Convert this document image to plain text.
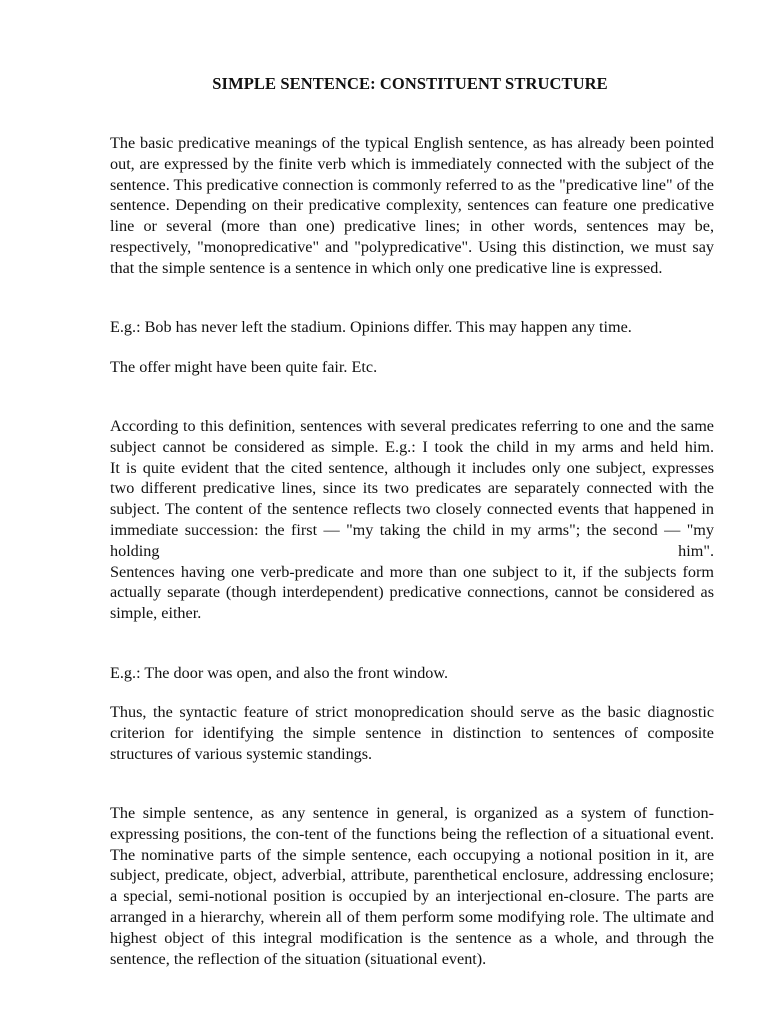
SIMPLE SENTENCE: CONSTITUENT STRUCTURE
The basic predicative meanings of the typical English sentence, as has already been pointed out, are expressed by the finite verb which is immediately connected with the subject of the sentence. This predicative connection is commonly referred to as the "predicative line" of the sentence. Depending on their predicative complexity, sentences can feature one predicative line or several (more than one) predicative lines; in other words, sentences may be, respectively, "monopredicative" and "polypredicative". Using this distinction, we must say that the simple sentence is a sentence in which only one predicative line is expressed.
E.g.: Bob has never left the stadium. Opinions differ. This may happen any time.
The offer might have been quite fair. Etc.
According to this definition, sentences with several predicates referring to one and the same subject cannot be considered as simple. E.g.: I took the child in my arms and held him.
It is quite evident that the cited sentence, although it includes only one subject, expresses two different predicative lines, since its two predicates are separately connected with the subject. The content of the sentence reflects two closely connected events that happened in immediate succession: the first — "my taking the child in my arms"; the second — "my holding him".
Sentences having one verb-predicate and more than one subject to it, if the subjects form actually separate (though interdependent) predicative connections, cannot be considered as simple, either.
E.g.: The door was open, and also the front window.
Thus, the syntactic feature of strict monopredication should serve as the basic diagnostic criterion for identifying the simple sentence in distinction to sentences of composite structures of various systemic standings.
The simple sentence, as any sentence in general, is organized as a system of function-expressing positions, the con-tent of the functions being the reflection of a situational event. The nominative parts of the simple sentence, each occupying a notional position in it, are subject, predicate, object, adverbial, attribute, parenthetical enclosure, addressing enclosure; a special, semi-notional position is occupied by an interjectional en-closure. The parts are arranged in a hierarchy, wherein all of them perform some modifying role. The ultimate and highest object of this integral modification is the sentence as a whole, and through the sentence, the reflection of the situation (situational event).
